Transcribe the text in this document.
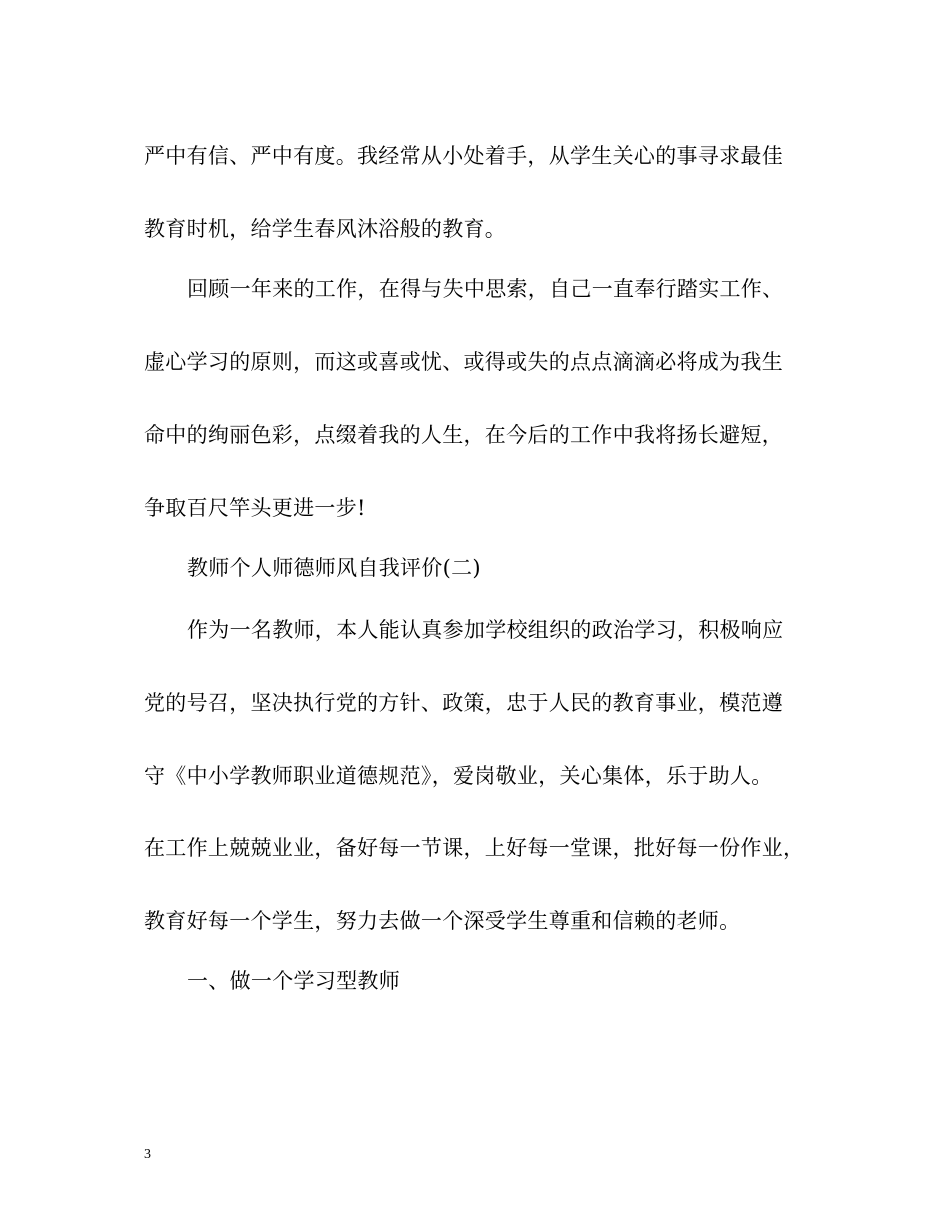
严中有信、严中有度。我经常从小处着手，从学生关心的事寻求最佳
教育时机，给学生春风沐浴般的教育。
回顾一年来的工作，在得与失中思索，自己一直奉行踏实工作、
虚心学习的原则，而这或喜或忧、或得或失的点点滴滴必将成为我生
命中的绚丽色彩，点缀着我的人生，在今后的工作中我将扬长避短，
争取百尺竿头更进一步!
教师个人师德师风自我评价(二)
作为一名教师，本人能认真参加学校组织的政治学习，积极响应
党的号召，坚决执行党的方针、政策，忠于人民的教育事业，模范遵
守《中小学教师职业道德规范》，爱岗敬业，关心集体，乐于助人。
在工作上兢兢业业，备好每一节课，上好每一堂课，批好每一份作业，
教育好每一个学生，努力去做一个深受学生尊重和信赖的老师。
一、做一个学习型教师
3
